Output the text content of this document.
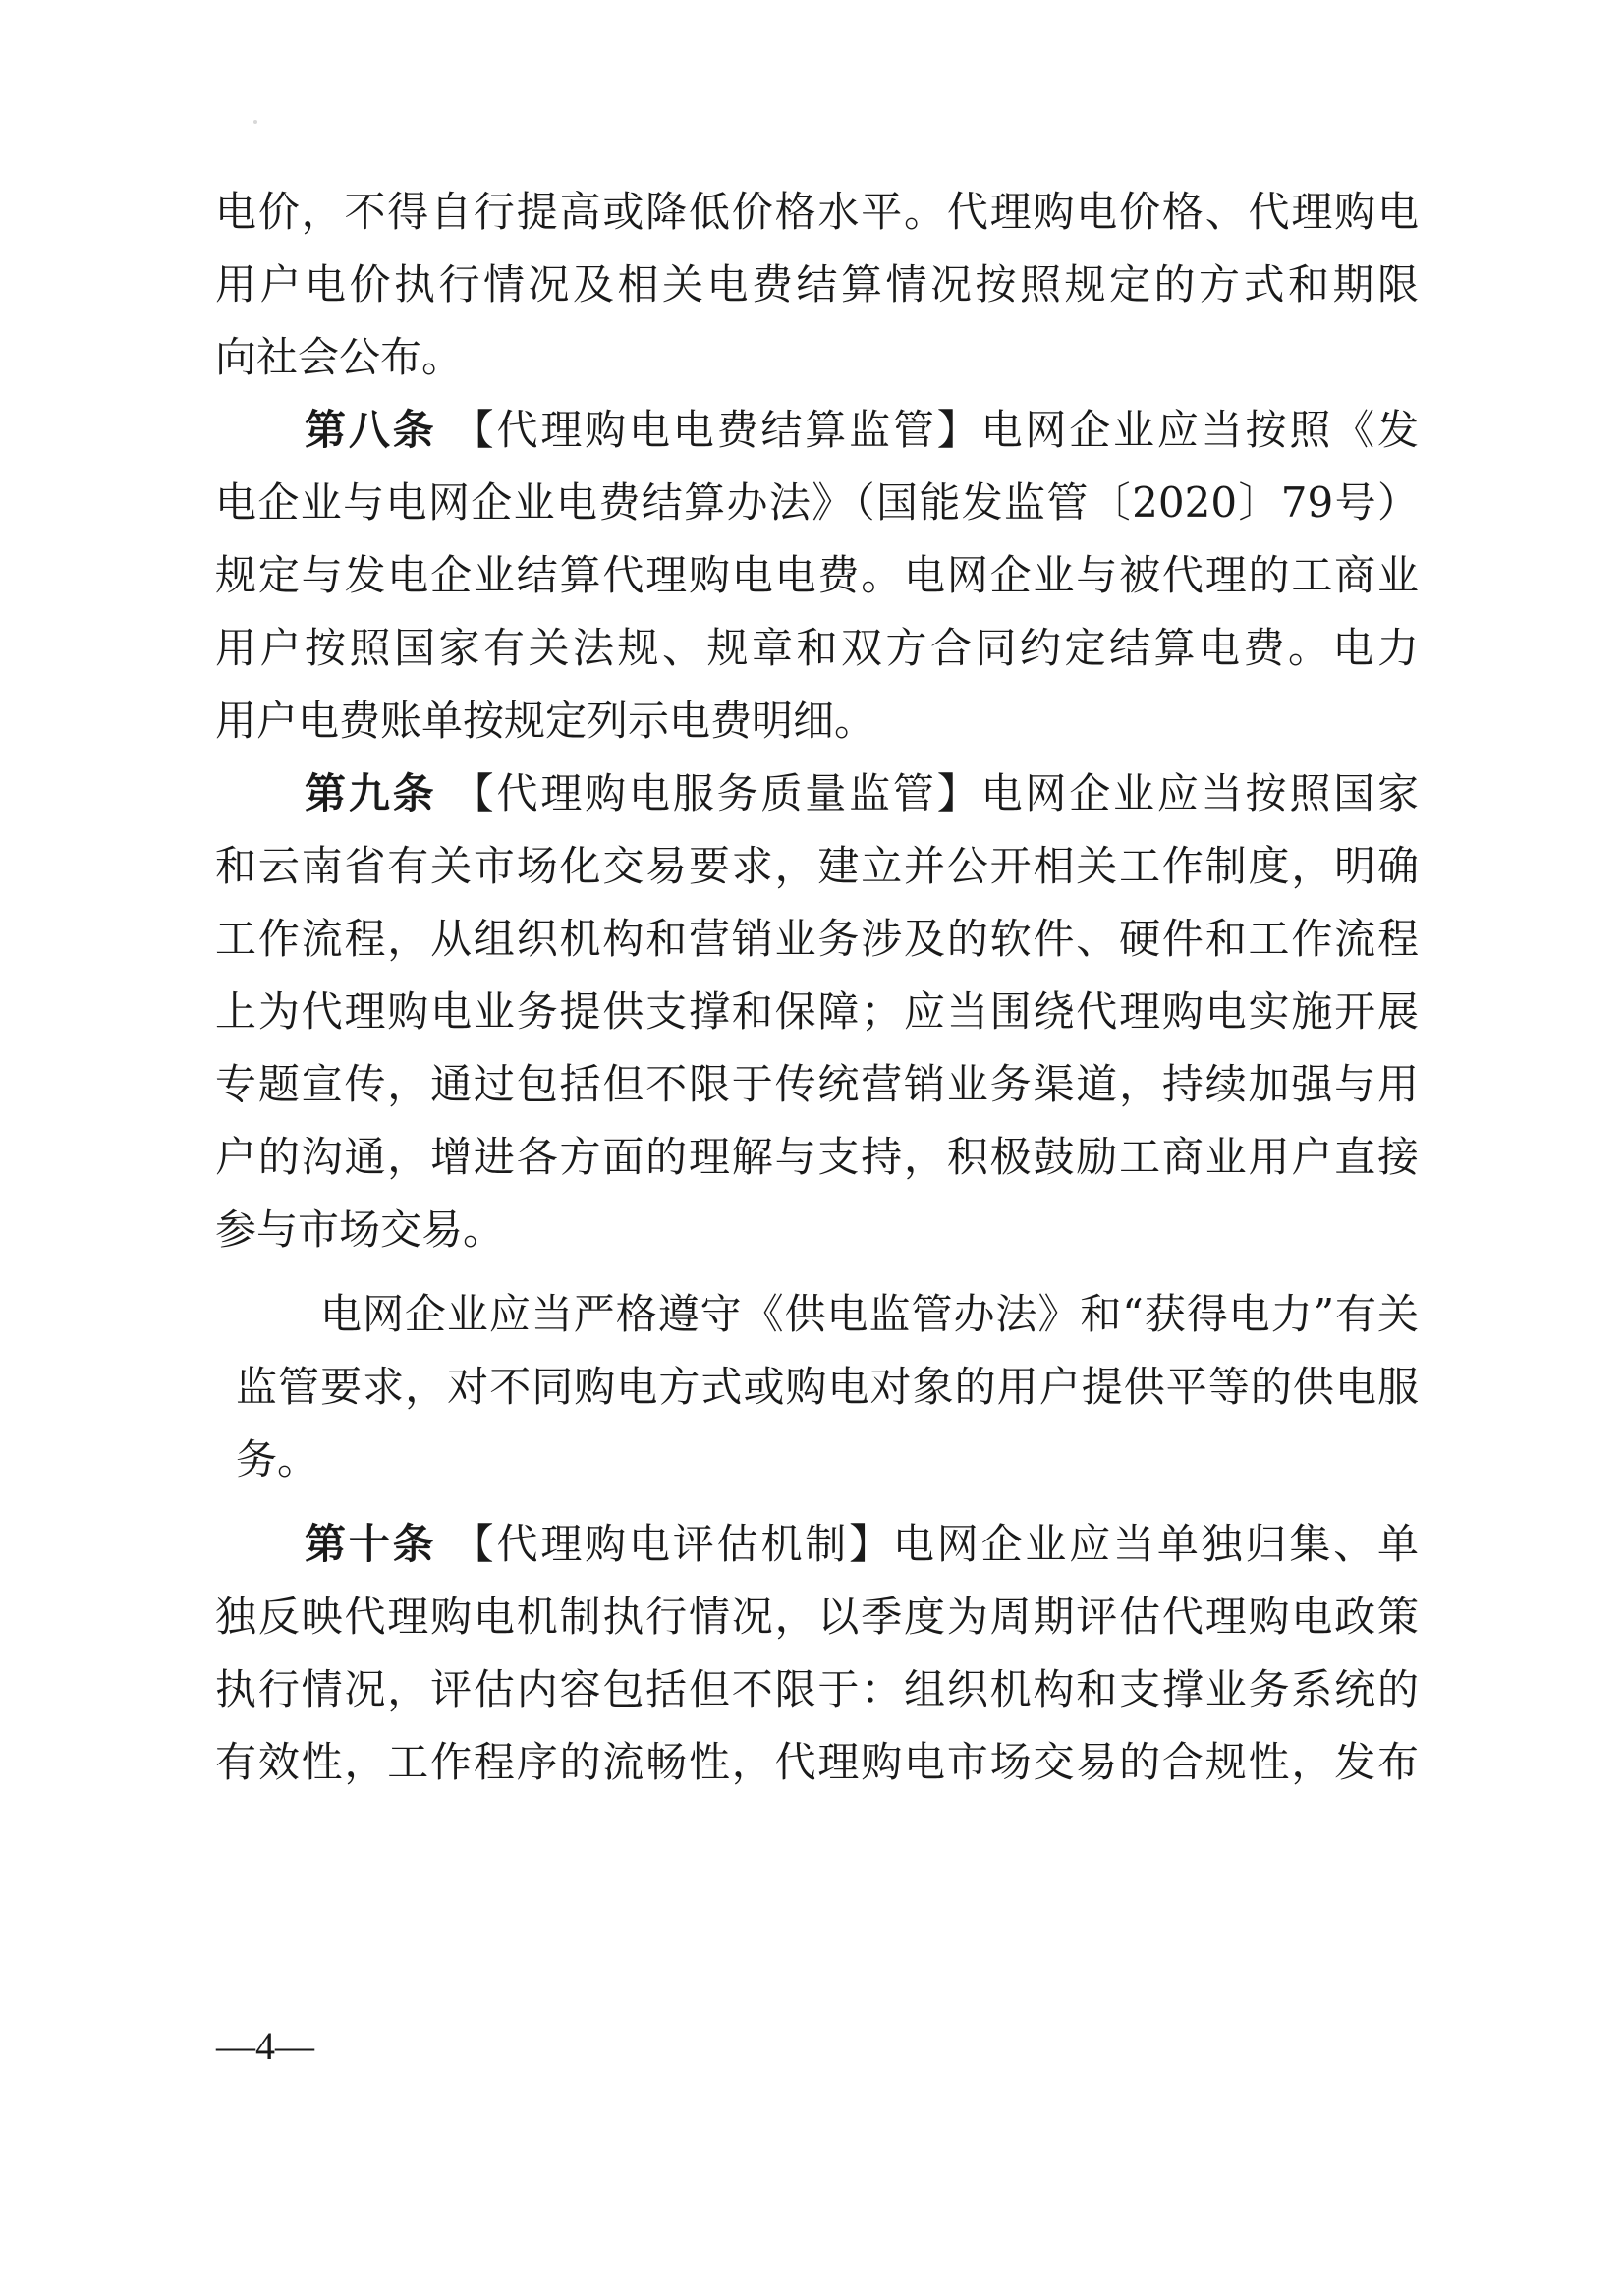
电价，不得自行提高或降低价格水平。代理购电价格、代理购电
用户电价执行情况及相关电费结算情况按照规定的方式和期限
向社会公布。
第八条 【代理购电电费结算监管】电网企业应当按照《发
电企业与电网企业电费结算办法》（国能发监管〔2020〕79号）
规定与发电企业结算代理购电电费。电网企业与被代理的工商业
用户按照国家有关法规、规章和双方合同约定结算电费。电力
用户电费账单按规定列示电费明细。
第九条 【代理购电服务质量监管】电网企业应当按照国家
和云南省有关市场化交易要求，建立并公开相关工作制度，明确
工作流程，从组织机构和营销业务涉及的软件、硬件和工作流程
上为代理购电业务提供支撑和保障；应当围绕代理购电实施开展
专题宣传，通过包括但不限于传统营销业务渠道，持续加强与用
户的沟通，增进各方面的理解与支持，积极鼓励工商业用户直接
参与市场交易。
电网企业应当严格遵守《供电监管办法》和“获得电力”有关
监管要求，对不同购电方式或购电对象的用户提供平等的供电服
务。
第十条 【代理购电评估机制】电网企业应当单独归集、单
独反映代理购电机制执行情况，以季度为周期评估代理购电政策
执行情况，评估内容包括但不限于：组织机构和支撑业务系统的
有效性，工作程序的流畅性，代理购电市场交易的合规性，发布
—4—
